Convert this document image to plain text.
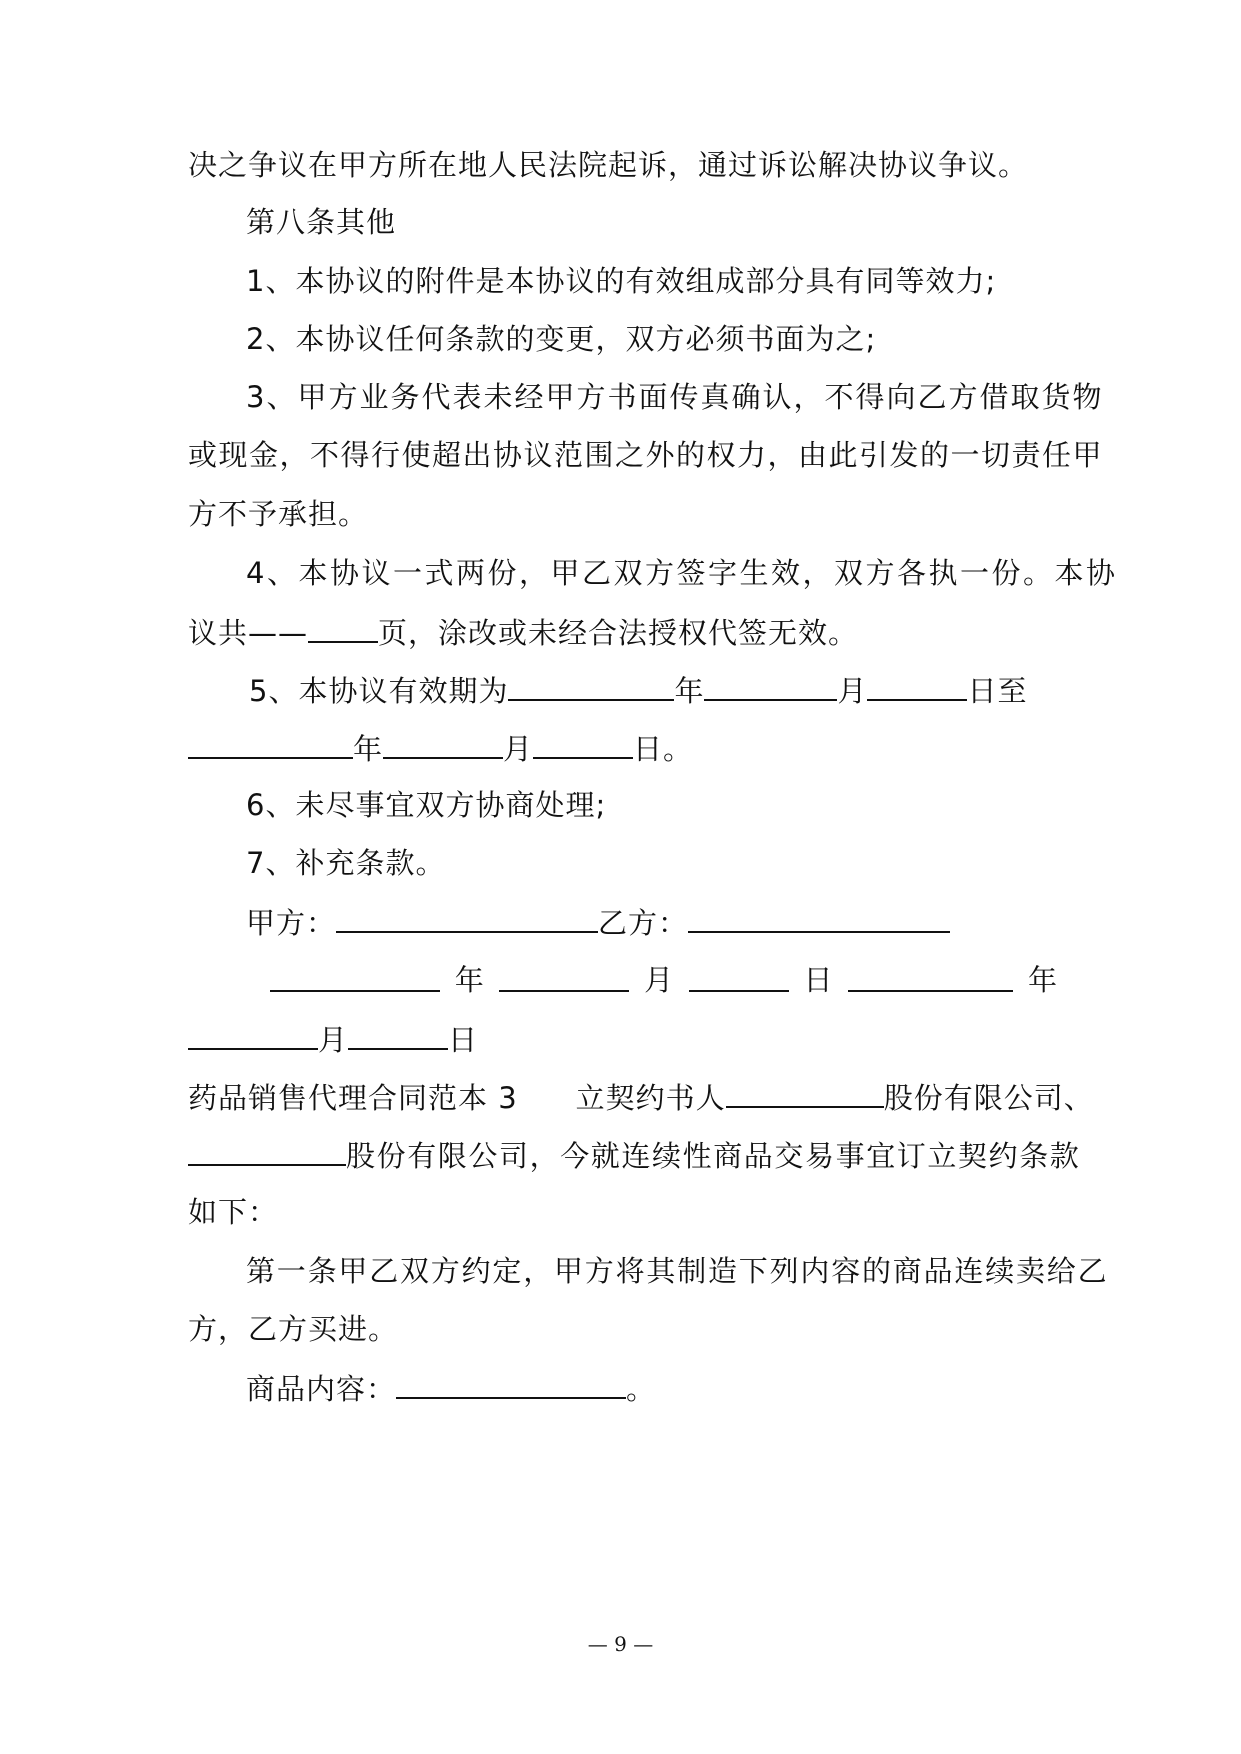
决之争议在甲方所在地人民法院起诉，通过诉讼解决协议争议。
第八条其他
1、本协议的附件是本协议的有效组成部分具有同等效力;
2、本协议任何条款的变更，双方必须书面为之;
3、甲方业务代表未经甲方书面传真确认，不得向乙方借取货物
或现金，不得行使超出协议范围之外的权力，由此引发的一切责任甲
方不予承担。
4、本协议一式两份，甲乙双方签字生效，双方各执一份。本协
议共—— 页，涂改或未经合法授权代签无效。
5、本协议有效期为	年	月	日至
年	月	日。
6、未尽事宜双方协商处理;
7、补充条款。
甲方：	乙方：
年	月	日	年
月	日
药品销售代理合同范本 3 立契约书人	股份有限公司、
股份有限公司，今就连续性商品交易事宜订立契约条款
如下：
第一条甲乙双方约定，甲方将其制造下列内容的商品连续卖给乙
方，乙方买进。
商品内容：	。
— 9 —
